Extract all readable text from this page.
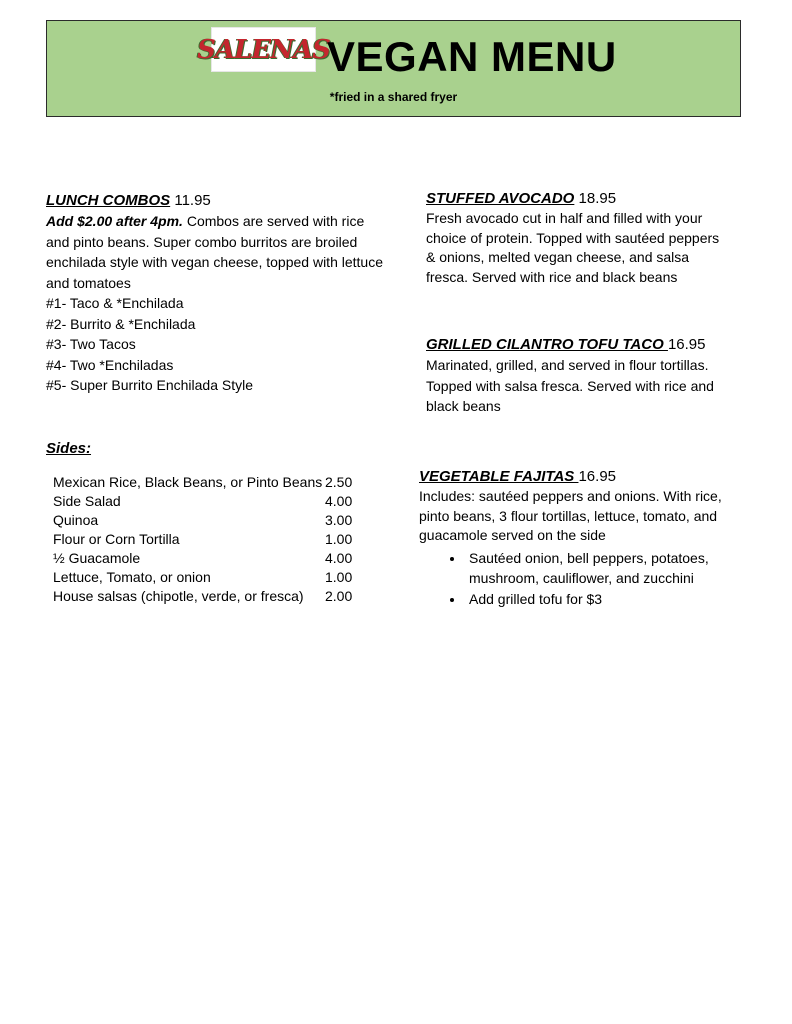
SALENAS
VEGAN MENU
*fried in a shared fryer
LUNCH COMBOS 11.95
Add $2.00 after 4pm. Combos are served with rice and pinto beans. Super combo burritos are broiled enchilada style with vegan cheese, topped with lettuce and tomatoes
#1- Taco & *Enchilada
#2- Burrito & *Enchilada
#3- Two Tacos
#4- Two *Enchiladas
#5- Super Burrito Enchilada Style
Sides:
Mexican Rice, Black Beans, or Pinto Beans 2.50
Side Salad	4.00
Quinoa	3.00
Flour or Corn Tortilla	1.00
½ Guacamole	4.00
Lettuce, Tomato, or onion	1.00
House salsas (chipotle, verde, or fresca)	2.00
STUFFED AVOCADO 18.95
Fresh avocado cut in half and filled with your choice of protein. Topped with sautéed peppers & onions, melted vegan cheese, and salsa fresca. Served with rice and black beans
GRILLED CILANTRO TOFU TACO 16.95
Marinated, grilled, and served in flour tortillas. Topped with salsa fresca. Served with rice and black beans
VEGETABLE FAJITAS 16.95
Includes: sautéed peppers and onions. With rice, pinto beans, 3 flour tortillas, lettuce, tomato, and guacamole served on the side
• Sautéed onion, bell peppers, potatoes, mushroom, cauliflower, and zucchini
• Add grilled tofu for $3
